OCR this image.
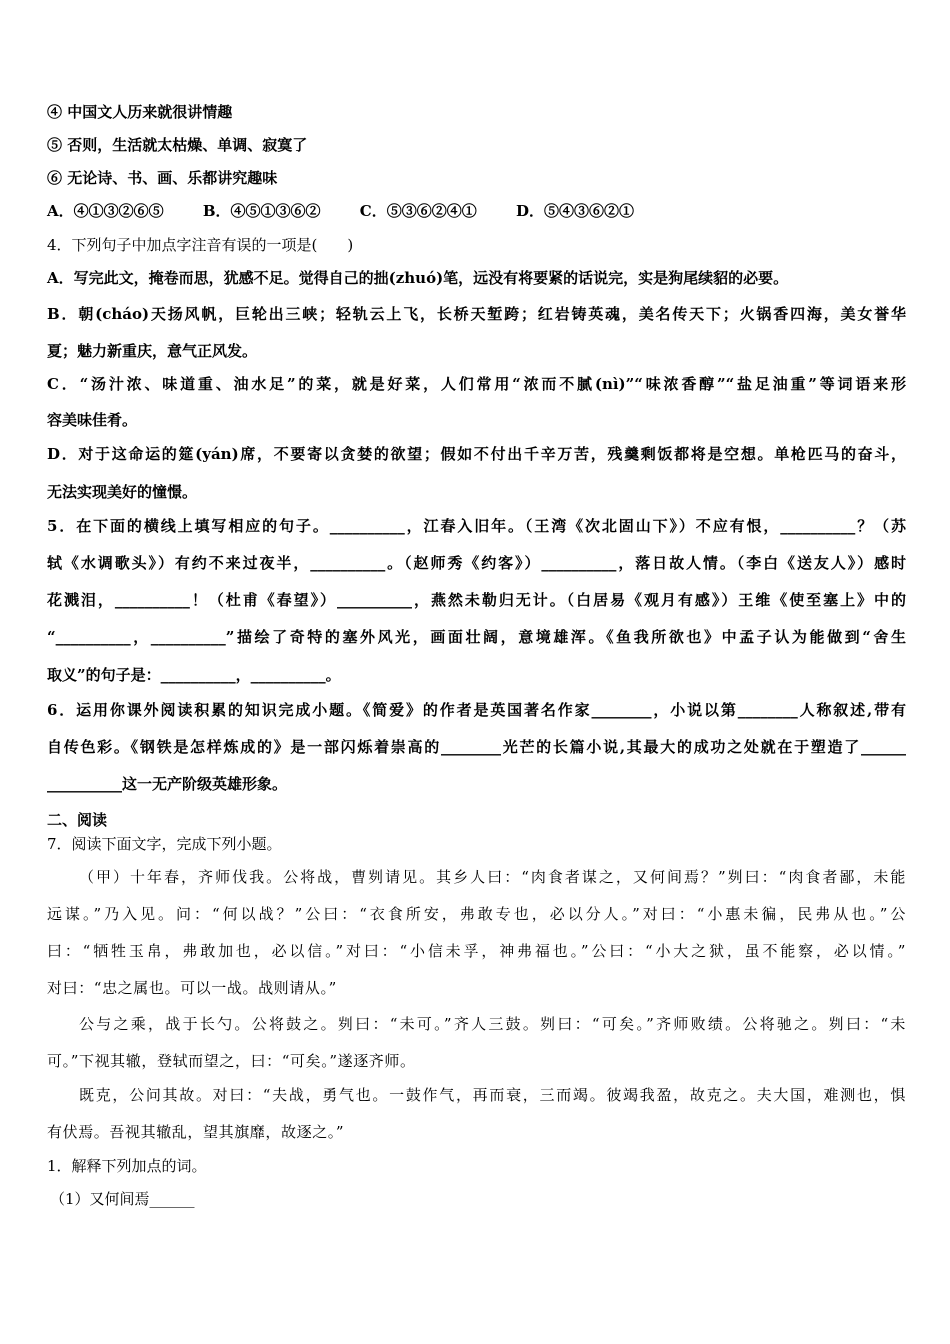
④ 中国文人历来就很讲情趣
⑤ 否则，生活就太枯燥、单调、寂寞了
⑥ 无论诗、书、画、乐都讲究趣味
A．④①③②⑥⑤	B．④⑤①③⑥②	C．⑤③⑥②④①	D．⑤④③⑥②①
4．下列句子中加点字注音有误的一项是(　　)
A．写完此文，掩卷而思，犹感不足。觉得自己的拙(zhuó)笔，远没有将要紧的话说完，实是狗尾续貂的必要。
B．朝(cháo)天扬风帆，巨轮出三峡；轻轨云上飞，长桥天堑跨；红岩铸英魂，美名传天下；火锅香四海，美女誉华
夏；魅力新重庆，意气正风发。
C．“汤汁浓、味道重、油水足”的菜，就是好菜，人们常用“浓而不腻(nì)”“味浓香醇”“盐足油重”等词语来形
容美味佳肴。
D．对于这命运的筵(yán)席，不要寄以贪婪的欲望；假如不付出千辛万苦，残羹剩饭都将是空想。单枪匹马的奋斗，
无法实现美好的憧憬。
5．在下面的横线上填写相应的句子。__________，江春入旧年。（王湾《次北固山下》）不应有恨，__________？（苏
轼《水调歌头》）有约不来过夜半，__________。（赵师秀《约客》）__________，落日故人情。（李白《送友人》）感时
花溅泪，__________！（杜甫《春望》）__________，燕然未勒归无计。（白居易《观月有感》）王维《使至塞上》中的
“__________，__________”描绘了奇特的塞外风光，画面壮阔，意境雄浑。《鱼我所欲也》中孟子认为能做到“舍生
取义”的句子是：__________，__________。
6．运用你课外阅读积累的知识完成小题。《简爱》的作者是英国著名作家________，小说以第________人称叙述,带有
自传色彩。《钢铁是怎样炼成的》是一部闪烁着崇高的________光芒的长篇小说,其最大的成功之处就在于塑造了______
__________这一无产阶级英雄形象。
二、阅读
7．阅读下面文字，完成下列小题。
（甲）十年春，齐师伐我。公将战，曹刿请见。其乡人曰：“肉食者谋之，又何间焉？”刿曰：“肉食者鄙，未能
远谋。”乃入见。问：“何以战？”公曰：“衣食所安，弗敢专也，必以分人。”对曰：“小惠未徧，民弗从也。”公
曰：“牺牲玉帛，弗敢加也，必以信。”对曰：“小信未孚，神弗福也。”公曰：“小大之狱，虽不能察，必以情。”
对曰：“忠之属也。可以一战。战则请从。”
公与之乘，战于长勺。公将鼓之。刿曰：“未可。”齐人三鼓。刿曰：“可矣。”齐师败绩。公将驰之。刿曰：“未
可。”下视其辙，登轼而望之，曰：“可矣。”遂逐齐师。
既克，公问其故。对曰：“夫战，勇气也。一鼓作气，再而衰，三而竭。彼竭我盈，故克之。夫大国，难测也，惧
有伏焉。吾视其辙乱，望其旗靡，故逐之。”
1．解释下列加点的词。
（1）又何间焉______
